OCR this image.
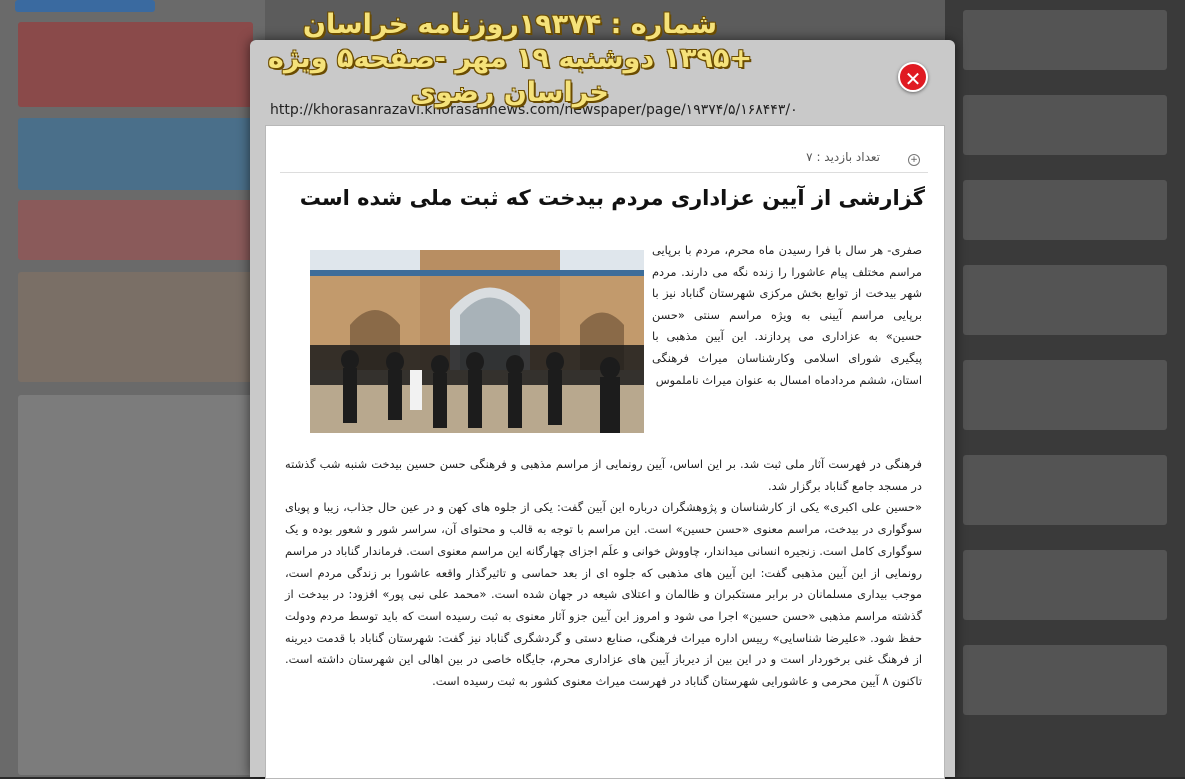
شماره : ۱۹۳۷۴روزنامه خراسان
+۱۳۹۵ دوشنبه ۱۹ مهر -صفحه۵ ویژه خراسان رضوی	✕
http://khorasanrazavi.khorasannews.com/newspaper/page/۱۹۳۷۴/۵/۱۶۸۴۴۳/۰
تعداد بازدید : ۷	+
گزارشی از آیین عزاداری مردم بیدخت که ثبت ملی شده است

صفری- هر سال با فرا رسیدن ماه محرم، مردم با برپایی مراسم مختلف پیام عاشورا را زنده نگه می دارند. مردم شهر بیدخت از توابع بخش مرکزی شهرستان گناباد نیز با برپایی مراسم آیینی به ویژه مراسم سنتی «حسن حسین» به عزاداری می پردازند. این آیین مذهبی با پیگیری شورای اسلامی وکارشناسان میراث فرهنگی استان، ششم مردادماه امسال به عنوان میراث ناملموس

فرهنگی در فهرست آثار ملی ثبت شد. بر این اساس، آیین رونمایی از مراسم مذهبی و فرهنگی حسن حسین بیدخت شنبه شب گذشته در مسجد جامع گناباد برگزار شد.

«حسین علی اکبری» یکی از کارشناسان و پژوهشگران درباره این آیین گفت: یکی از جلوه های کهن و در عین حال جذاب، زیبا و پویای سوگواری در بیدخت، مراسم معنوی «حسن حسین» است. این مراسم با توجه به قالب و محتوای آن، سراسر شور و شعور بوده و یک سوگواری کامل است. زنجیره انسانی میداندار، چاووش خوانی و علَم اجزای چهارگانه این مراسم معنوی است. فرماندار گناباد در مراسم رونمایی از این آیین مذهبی گفت: این آیین های مذهبی که جلوه ای از بعد حماسی و تاثیرگذار واقعه عاشورا بر زندگی مردم است، موجب بیداری مسلمانان در برابر مستکبران و ظالمان و اعتلای شیعه در جهان شده است. «محمد علی نبی پور» افزود: در بیدخت از گذشته مراسم مذهبی «حسن حسین» اجرا می شود و امروز این آیین جزو آثار معنوی به ثبت رسیده است که باید توسط مردم ودولت حفظ شود. «علیرضا شناسایی» رییس اداره میراث فرهنگی، صنایع دستی و گردشگری گناباد نیز گفت: شهرستان گناباد با قدمت دیرینه از فرهنگ غنی برخوردار است و در این بین از دیرباز آیین های عزاداری محرم، جایگاه خاصی در بین اهالی این شهرستان داشته است. تاکنون ۸ آیین محرمی و عاشورایی شهرستان گناباد در فهرست میراث معنوی کشور به ثبت رسیده است.
